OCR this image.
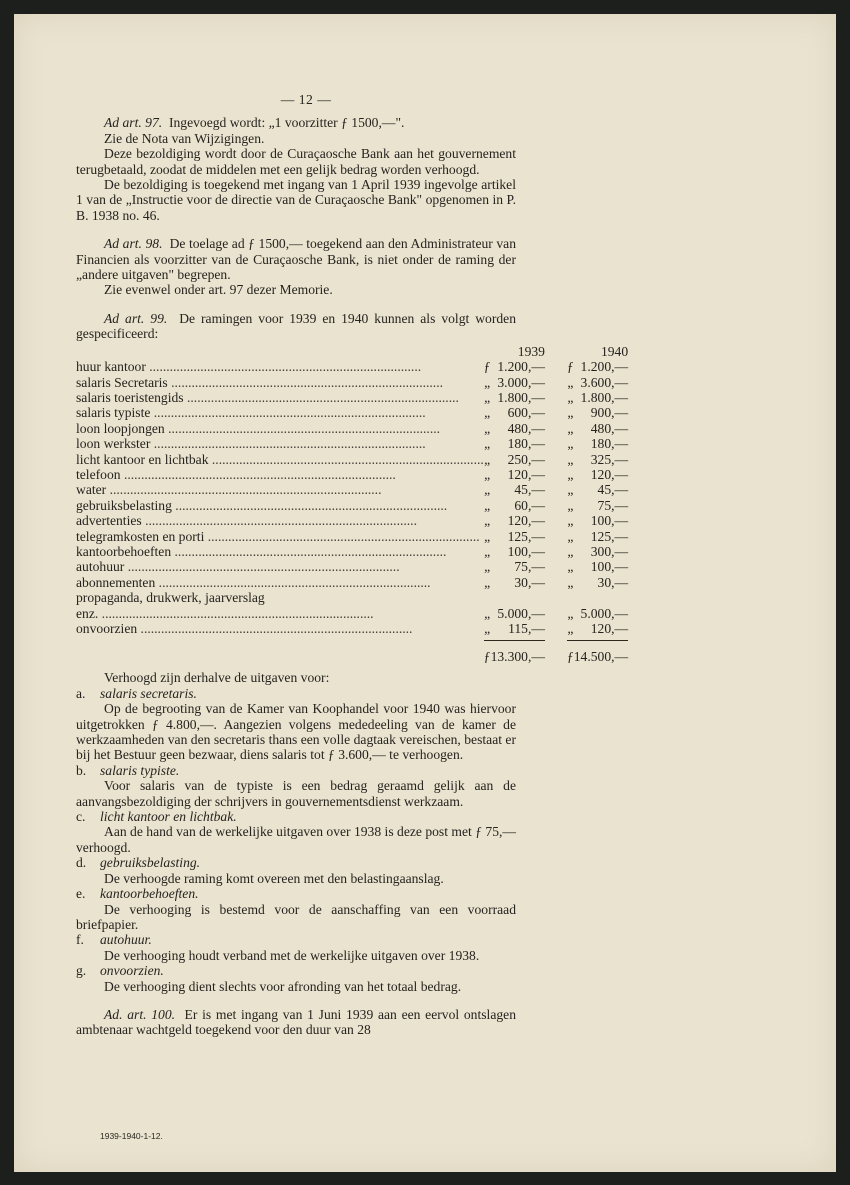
— 12 —

Ad art. 97. Ingevoegd wordt: „1 voorzitter ƒ 1500,—".

Zie de Nota van Wijzigingen.

Deze bezoldiging wordt door de Curaçaosche Bank aan het gouvernement terugbetaald, zoodat de middelen met een gelijk bedrag worden verhoogd.

De bezoldiging is toegekend met ingang van 1 April 1939 ingevolge artikel 1 van de „Instructie voor de directie van de Curaçaosche Bank" opgenomen in P. B. 1938 no. 46.

Ad art. 98. De toelage ad ƒ 1500,— toegekend aan den Administrateur van Financien als voorzitter van de Curaçaosche Bank, is niet onder de raming der „andere uitgaven" begrepen.

Zie evenwel onder art. 97 dezer Memorie.

Ad art. 99. De ramingen voor 1939 en 1940 kunnen als volgt worden gespecificeerd:

		1939		1940
huur kantoor ................................................................................	ƒ	1.200,—	ƒ	1.200,—
salaris Secretaris ................................................................................	„	3.000,—	„	3.600,—
salaris toeristengids ................................................................................	„	1.800,—	„	1.800,—
salaris typiste ................................................................................	„	600,—	„	900,—
loon loopjongen ................................................................................	„	480,—	„	480,—
loon werkster ................................................................................	„	180,—	„	180,—
licht kantoor en lichtbak ................................................................................	„	250,—	„	325,—
telefoon ................................................................................	„	120,—	„	120,—
water ................................................................................	„	45,—	„	45,—
gebruiksbelasting ................................................................................	„	60,—	„	75,—
advertenties ................................................................................	„	120,—	„	100,—
telegramkosten en porti ................................................................................	„	125,—	„	125,—
kantoorbehoeften ................................................................................	„	100,—	„	300,—
autohuur ................................................................................	„	75,—	„	100,—
abonnementen ................................................................................	„	30,—	„	30,—
propaganda, drukwerk, jaarverslag				
enz. ................................................................................	„	5.000,—	„	5.000,—
onvoorzien ................................................................................	„	115,—	„	120,—

	ƒ	13.300,—	ƒ	14.500,—

Verhoogd zijn derhalve de uitgaven voor:

a. salaris secretaris.

Op de begrooting van de Kamer van Koophandel voor 1940 was hiervoor uitgetrokken ƒ 4.800,—. Aangezien volgens mededeeling van de kamer de werkzaamheden van den secretaris thans een volle dagtaak vereischen, bestaat er bij het Bestuur geen bezwaar, diens salaris tot ƒ 3.600,— te verhoogen.

b. salaris typiste.

Voor salaris van de typiste is een bedrag geraamd gelijk aan de aanvangsbezoldiging der schrijvers in gouvernementsdienst werkzaam.

c. licht kantoor en lichtbak.

Aan de hand van de werkelijke uitgaven over 1938 is deze post met ƒ 75,— verhoogd.

d. gebruiksbelasting.

De verhoogde raming komt overeen met den belastingaanslag.

e. kantoorbehoeften.

De verhooging is bestemd voor de aanschaffing van een voorraad briefpapier.

f. autohuur.

De verhooging houdt verband met de werkelijke uitgaven over 1938.

g. onvoorzien.

De verhooging dient slechts voor afronding van het totaal bedrag.

Ad. art. 100. Er is met ingang van 1 Juni 1939 aan een eervol ontslagen ambtenaar wachtgeld toegekend voor den duur van 28

1939-1940-1-12.
